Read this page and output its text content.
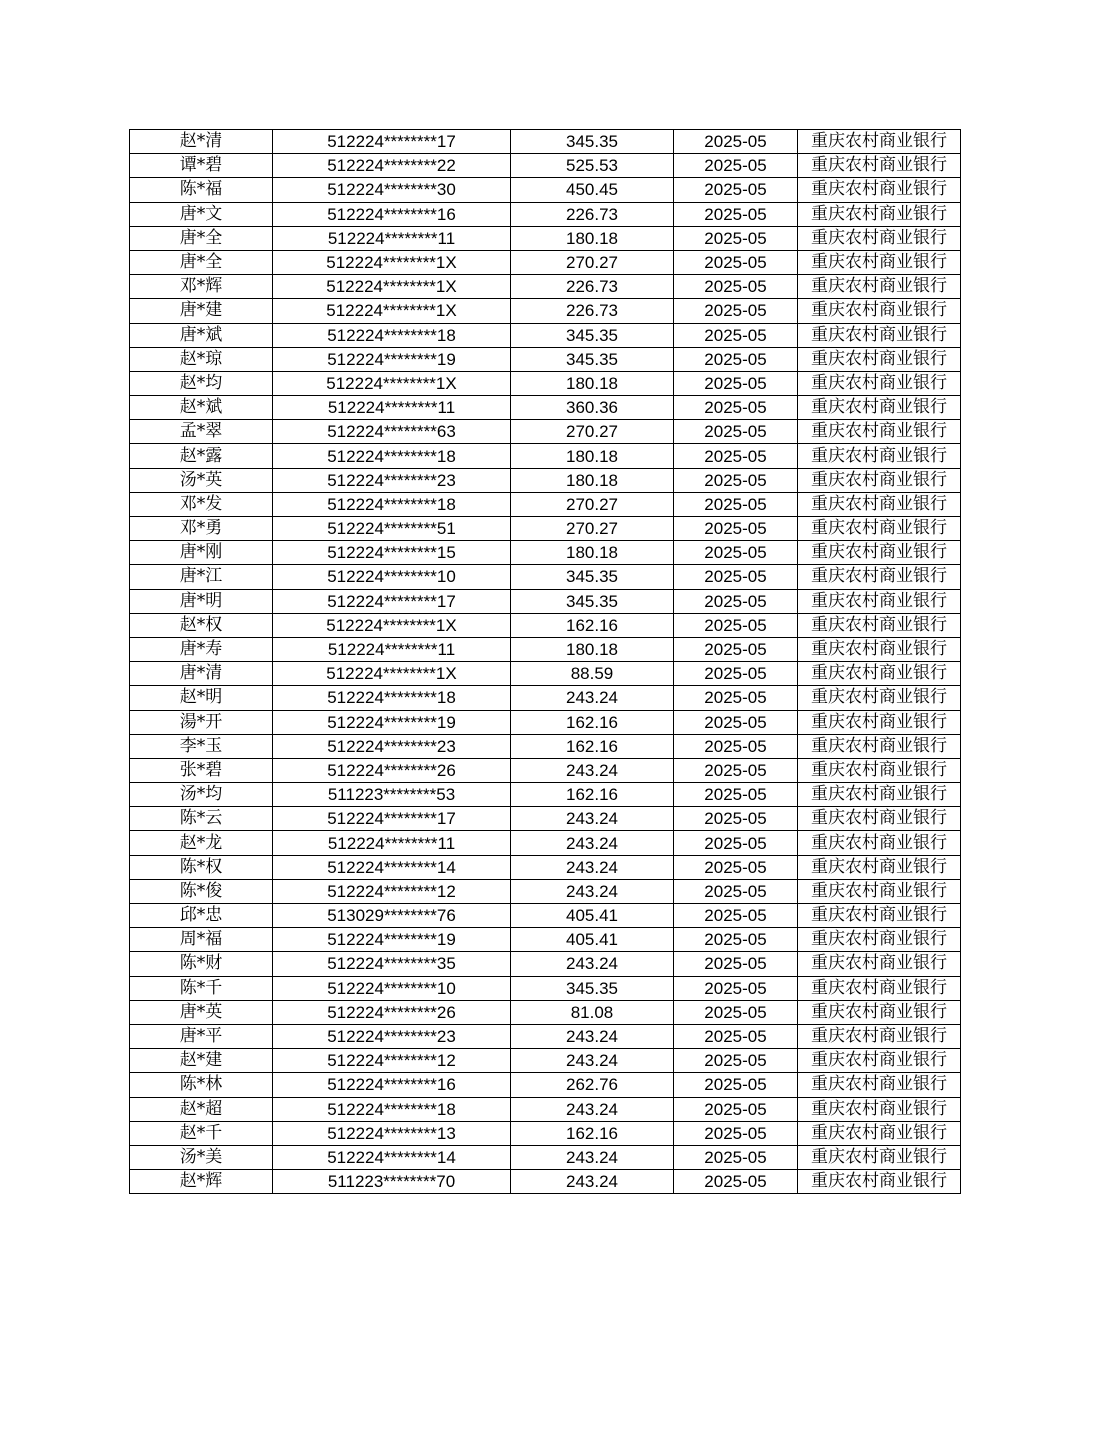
赵*清	512224********17	345.35	2025-05	重庆农村商业银行
谭*碧	512224********22	525.53	2025-05	重庆农村商业银行
陈*福	512224********30	450.45	2025-05	重庆农村商业银行
唐*文	512224********16	226.73	2025-05	重庆农村商业银行
唐*全	512224********11	180.18	2025-05	重庆农村商业银行
唐*全	512224********1X	270.27	2025-05	重庆农村商业银行
邓*辉	512224********1X	226.73	2025-05	重庆农村商业银行
唐*建	512224********1X	226.73	2025-05	重庆农村商业银行
唐*斌	512224********18	345.35	2025-05	重庆农村商业银行
赵*琼	512224********19	345.35	2025-05	重庆农村商业银行
赵*均	512224********1X	180.18	2025-05	重庆农村商业银行
赵*斌	512224********11	360.36	2025-05	重庆农村商业银行
孟*翠	512224********63	270.27	2025-05	重庆农村商业银行
赵*露	512224********18	180.18	2025-05	重庆农村商业银行
汤*英	512224********23	180.18	2025-05	重庆农村商业银行
邓*发	512224********18	270.27	2025-05	重庆农村商业银行
邓*勇	512224********51	270.27	2025-05	重庆农村商业银行
唐*刚	512224********15	180.18	2025-05	重庆农村商业银行
唐*江	512224********10	345.35	2025-05	重庆农村商业银行
唐*明	512224********17	345.35	2025-05	重庆农村商业银行
赵*权	512224********1X	162.16	2025-05	重庆农村商业银行
唐*寿	512224********11	180.18	2025-05	重庆农村商业银行
唐*清	512224********1X	88.59	2025-05	重庆农村商业银行
赵*明	512224********18	243.24	2025-05	重庆农村商业银行
湯*开	512224********19	162.16	2025-05	重庆农村商业银行
李*玉	512224********23	162.16	2025-05	重庆农村商业银行
张*碧	512224********26	243.24	2025-05	重庆农村商业银行
汤*均	511223********53	162.16	2025-05	重庆农村商业银行
陈*云	512224********17	243.24	2025-05	重庆农村商业银行
赵*龙	512224********11	243.24	2025-05	重庆农村商业银行
陈*权	512224********14	243.24	2025-05	重庆农村商业银行
陈*俊	512224********12	243.24	2025-05	重庆农村商业银行
邱*忠	513029********76	405.41	2025-05	重庆农村商业银行
周*福	512224********19	405.41	2025-05	重庆农村商业银行
陈*财	512224********35	243.24	2025-05	重庆农村商业银行
陈*千	512224********10	345.35	2025-05	重庆农村商业银行
唐*英	512224********26	81.08	2025-05	重庆农村商业银行
唐*平	512224********23	243.24	2025-05	重庆农村商业银行
赵*建	512224********12	243.24	2025-05	重庆农村商业银行
陈*林	512224********16	262.76	2025-05	重庆农村商业银行
赵*超	512224********18	243.24	2025-05	重庆农村商业银行
赵*千	512224********13	162.16	2025-05	重庆农村商业银行
汤*美	512224********14	243.24	2025-05	重庆农村商业银行
赵*辉	511223********70	243.24	2025-05	重庆农村商业银行
